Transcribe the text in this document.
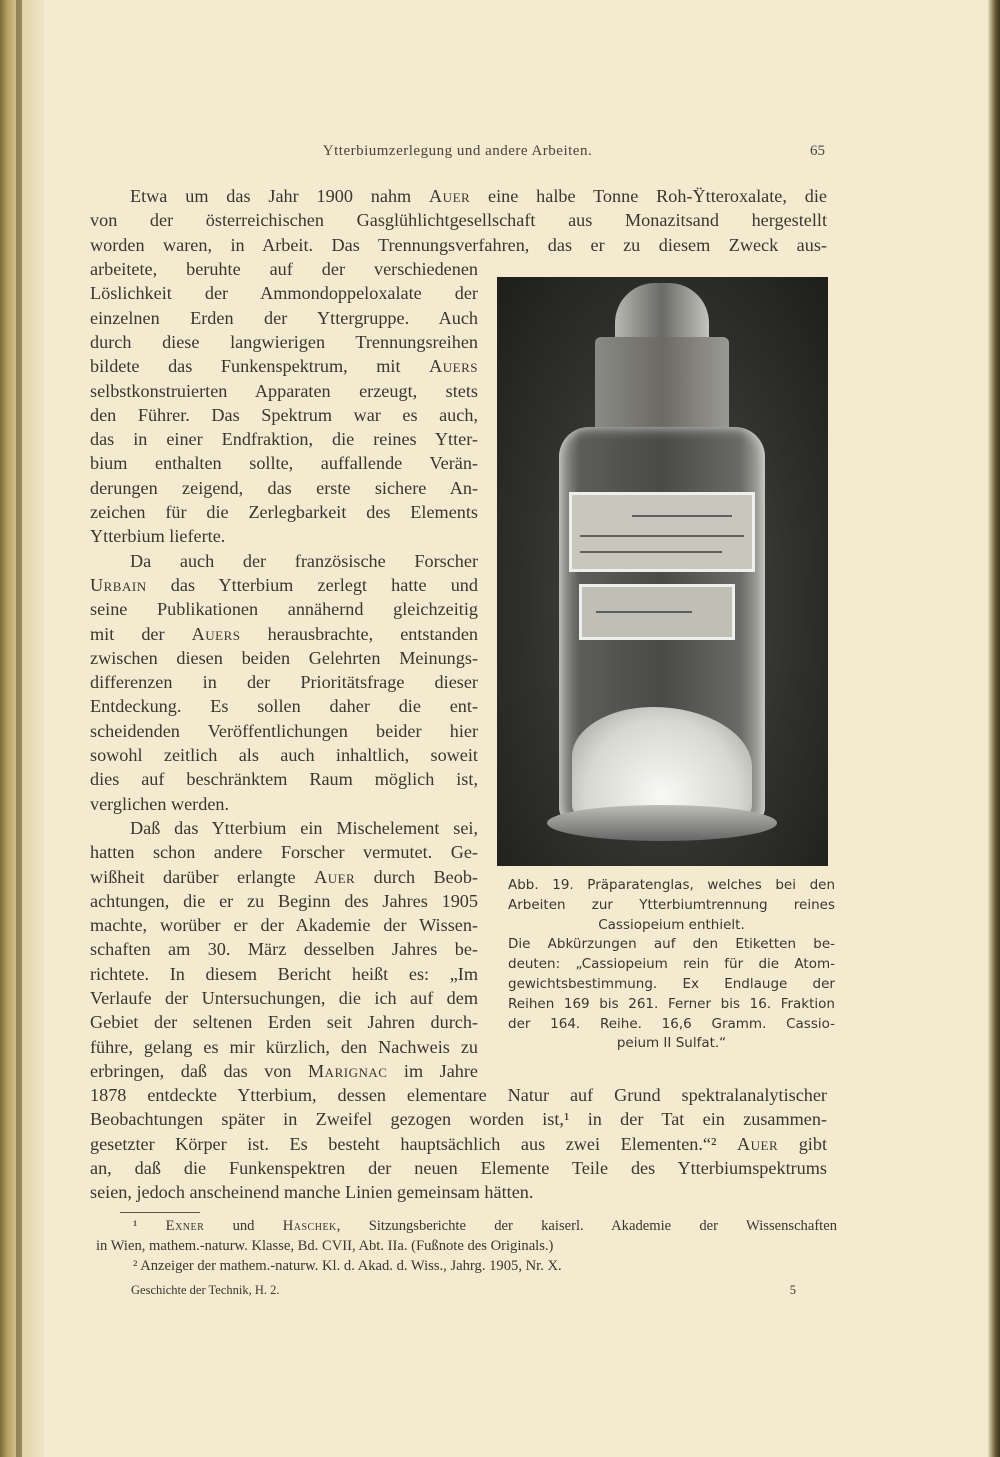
Ytterbiumzerlegung und andere Arbeiten.	65
Etwa um das Jahr 1900 nahm Auer eine halbe Tonne Roh-Ÿtteroxalate, die
von der österreichischen Gasglühlichtgesellschaft aus Monazitsand hergestellt
worden waren, in Arbeit. Das Trennungsverfahren, das er zu diesem Zweck aus-
arbeitete, beruhte auf der verschiedenen
Löslichkeit der Ammondoppeloxalate der
einzelnen Erden der Yttergruppe. Auch
durch diese langwierigen Trennungsreihen
bildete das Funkenspektrum, mit Auers
selbstkonstruierten Apparaten erzeugt, stets
den Führer. Das Spektrum war es auch,
das in einer Endfraktion, die reines Ytter-
bium enthalten sollte, auffallende Verän-
derungen zeigend, das erste sichere An-
zeichen für die Zerlegbarkeit des Elements
Ytterbium lieferte.
Da auch der französische Forscher
Urbain das Ytterbium zerlegt hatte und
seine Publikationen annähernd gleichzeitig
mit der Auers herausbrachte, entstanden
zwischen diesen beiden Gelehrten Meinungs-
differenzen in der Prioritätsfrage dieser
Entdeckung. Es sollen daher die ent-
scheidenden Veröffentlichungen beider hier
sowohl zeitlich als auch inhaltlich, soweit
dies auf beschränktem Raum möglich ist,
verglichen werden.
Daß das Ytterbium ein Mischelement sei,
hatten schon andere Forscher vermutet. Ge-
wißheit darüber erlangte Auer durch Beob-
achtungen, die er zu Beginn des Jahres 1905
machte, worüber er der Akademie der Wissen-
schaften am 30. März desselben Jahres be-
richtete. In diesem Bericht heißt es: „Im
Verlaufe der Untersuchungen, die ich auf dem
Gebiet der seltenen Erden seit Jahren durch-
führe, gelang es mir kürzlich, den Nachweis zu
erbringen, daß das von Marignac im Jahre
1878 entdeckte Ytterbium, dessen elementare Natur auf Grund spektralanalytischer
Beobachtungen später in Zweifel gezogen worden ist,¹ in der Tat ein zusammen-
gesetzter Körper ist. Es besteht hauptsächlich aus zwei Elementen.“² Auer gibt
an, daß die Funkenspektren der neuen Elemente Teile des Ytterbiumspektrums
seien, jedoch anscheinend manche Linien gemeinsam hätten.
Abb. 19. Präparatenglas, welches bei den
Arbeiten zur Ytterbiumtrennung reines
Cassiopeium enthielt.
Die Abkürzungen auf den Etiketten be-
deuten: „Cassiopeium rein für die Atom-
gewichtsbestimmung. Ex Endlauge der
Reihen 169 bis 261. Ferner bis 16. Fraktion
der 164. Reihe. 16,6 Gramm. Cassio-
peium II Sulfat.“
¹ Exner und Haschek, Sitzungsberichte der kaiserl. Akademie der Wissenschaften
in Wien, mathem.-naturw. Klasse, Bd. CVII, Abt. IIa. (Fußnote des Originals.)
² Anzeiger der mathem.-naturw. Kl. d. Akad. d. Wiss., Jahrg. 1905, Nr. X.
Geschichte der Technik, H. 2.	5
